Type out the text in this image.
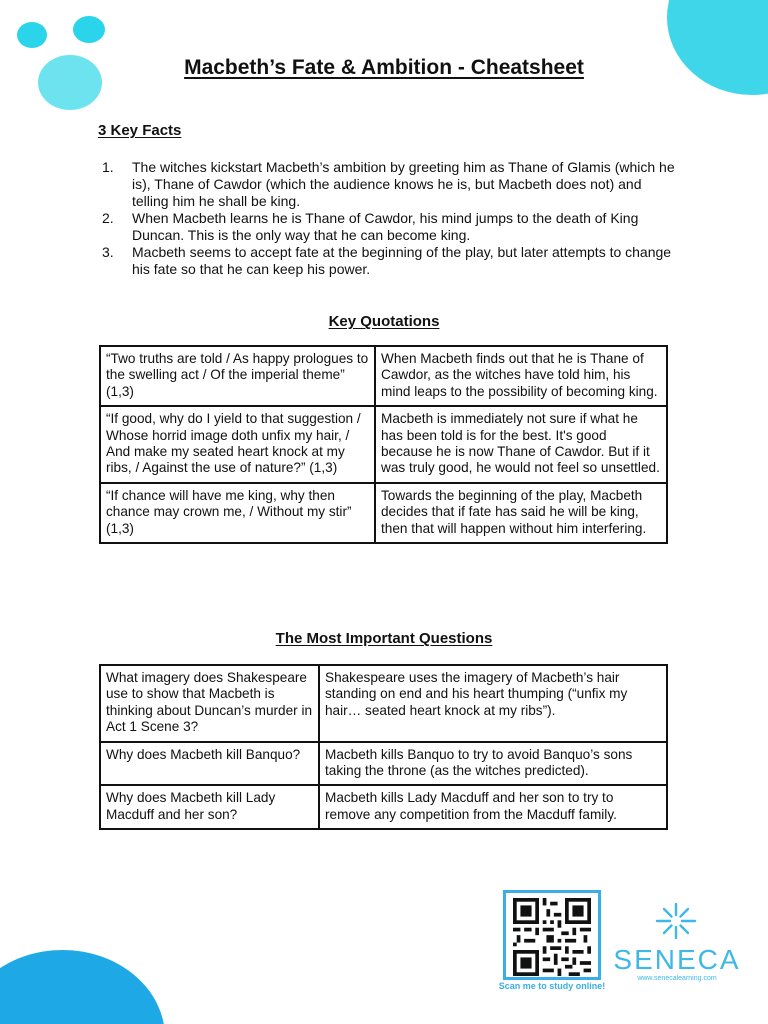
Macbeth’s Fate & Ambition - Cheatsheet
3 Key Facts
1. The witches kickstart Macbeth’s ambition by greeting him as Thane of Glamis (which he is), Thane of Cawdor (which the audience knows he is, but Macbeth does not) and telling him he shall be king.
2. When Macbeth learns he is Thane of Cawdor, his mind jumps to the death of King Duncan. This is the only way that he can become king.
3. Macbeth seems to accept fate at the beginning of the play, but later attempts to change his fate so that he can keep his power.
Key Quotations
“Two truths are told / As happy prologues to the swelling act / Of the imperial theme” (1,3)	When Macbeth finds out that he is Thane of Cawdor, as the witches have told him, his mind leaps to the possibility of becoming king.
“If good, why do I yield to that suggestion / Whose horrid image doth unfix my hair, / And make my seated heart knock at my ribs, / Against the use of nature?” (1,3)	Macbeth is immediately not sure if what he has been told is for the best. It's good because he is now Thane of Cawdor. But if it was truly good, he would not feel so unsettled.
“If chance will have me king, why then chance may crown me, / Without my stir” (1,3)	Towards the beginning of the play, Macbeth decides that if fate has said he will be king, then that will happen without him interfering.
The Most Important Questions
What imagery does Shakespeare use to show that Macbeth is thinking about Duncan’s murder in Act 1 Scene 3?	Shakespeare uses the imagery of Macbeth’s hair standing on end and his heart thumping (“unfix my hair… seated heart knock at my ribs”).
Why does Macbeth kill Banquo?	Macbeth kills Banquo to try to avoid Banquo’s sons taking the throne (as the witches predicted).
Why does Macbeth kill Lady Macduff and her son?	Macbeth kills Lady Macduff and her son to try to remove any competition from the Macduff family.
Scan me to study online!
SENECA
www.senecalearning.com
